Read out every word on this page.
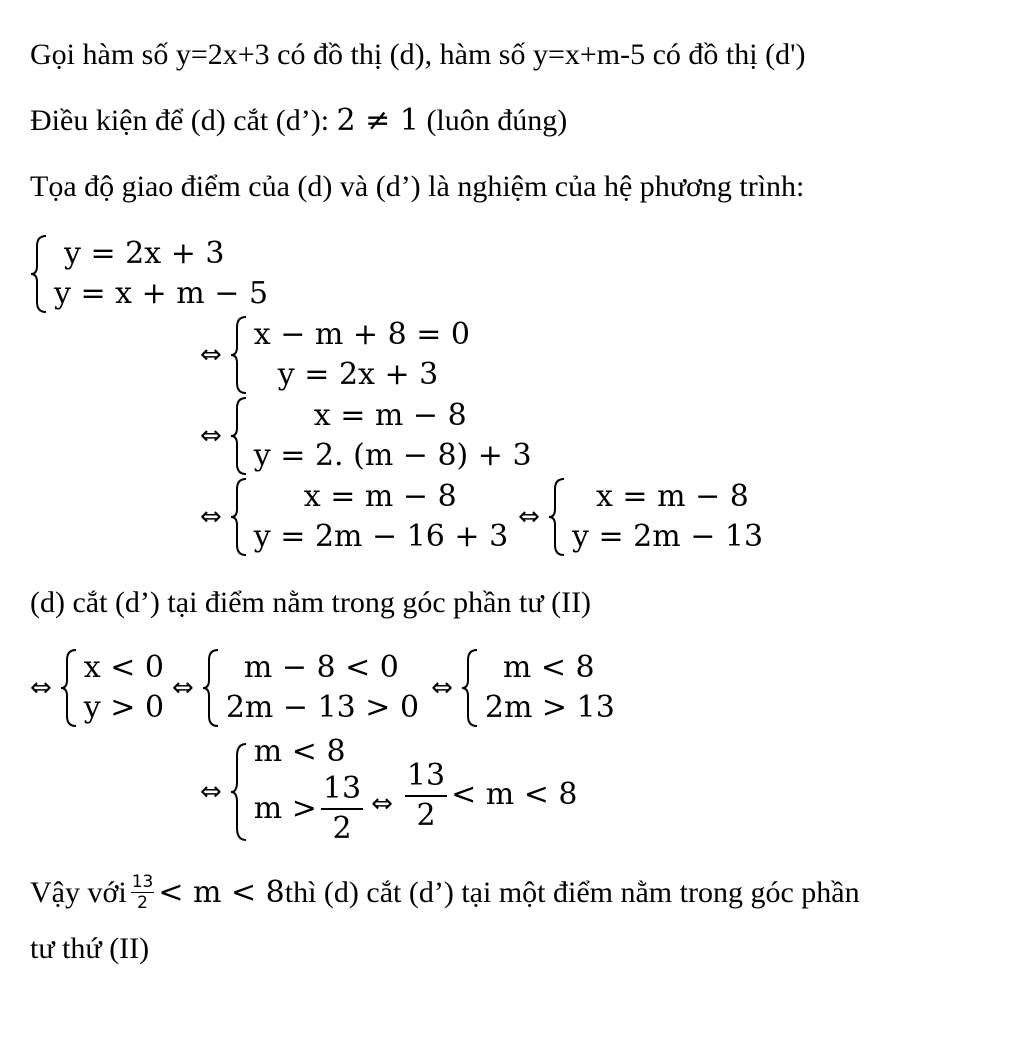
Gọi hàm số y=2x+3 có đồ thị (d), hàm số y=x+m-5 có đồ thị (d')
Điều kiện để (d) cắt (d’): 2 ≠ 1 (luôn đúng)
Tọa độ giao điểm của (d) và (d’) là nghiệm của hệ phương trình:
y = 2x + 3
y = x + m − 5
⇔
x − m + 8 = 0
y = 2x + 3
⇔
x = m − 8
y = 2. (m − 8) + 3
⇔
x = m − 8
y = 2m − 16 + 3
⇔
x = m − 8
y = 2m − 13
(d) cắt (d’) tại điểm nằm trong góc phần tư (II)
⇔
x < 0
y > 0
⇔
m − 8 < 0
2m − 13 > 0
⇔
m < 8
2m > 13
⇔
m < 8
$m > \frac{13}{2}$ ⇔ $\frac{13}{2} < m < 8$
Vậy với $\frac{13}{2} < m < 8$ thì (d) cắt (d’) tại một điểm nằm trong góc phần
tư thứ (II)
